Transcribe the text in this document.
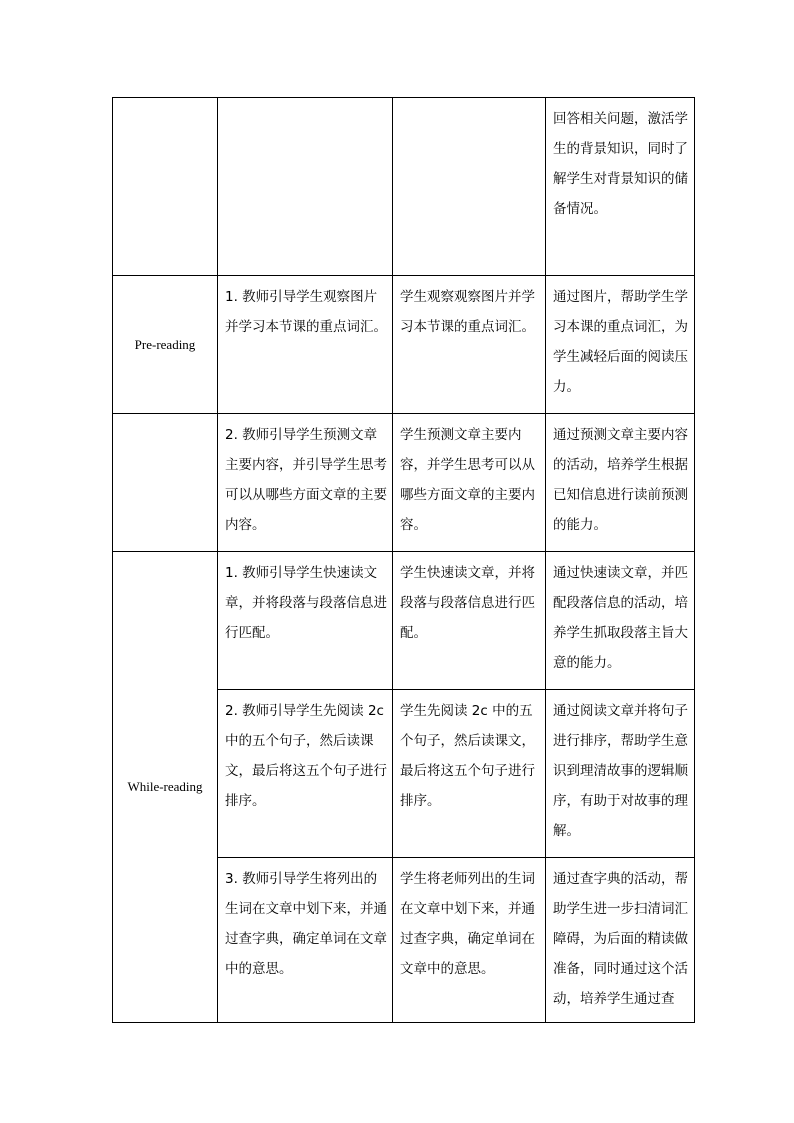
			回答相关问题，激活学生的背景知识，同时了解学生对背景知识的储备情况。

Pre-reading	1. 教师引导学生观察图片并学习本节课的重点词汇。	学生观察观察图片并学习本节课的重点词汇。	通过图片，帮助学生学习本课的重点词汇，为学生减轻后面的阅读压力。

	2. 教师引导学生预测文章主要内容，并引导学生思考可以从哪些方面文章的主要内容。	学生预测文章主要内容，并学生思考可以从哪些方面文章的主要内容。	通过预测文章主要内容的活动，培养学生根据已知信息进行读前预测的能力。

While-reading	1. 教师引导学生快速读文章，并将段落与段落信息进行匹配。	学生快速读文章，并将段落与段落信息进行匹配。	通过快速读文章，并匹配段落信息的活动，培养学生抓取段落主旨大意的能力。

	2. 教师引导学生先阅读 2c 中的五个句子，然后读课文，最后将这五个句子进行排序。	学生先阅读 2c 中的五个句子，然后读课文，最后将这五个句子进行排序。	通过阅读文章并将句子进行排序，帮助学生意识到理清故事的逻辑顺序，有助于对故事的理解。

	3. 教师引导学生将列出的生词在文章中划下来，并通过查字典，确定单词在文章中的意思。	学生将老师列出的生词在文章中划下来，并通过查字典，确定单词在文章中的意思。	通过查字典的活动，帮助学生进一步扫清词汇障碍，为后面的精读做准备，同时通过这个活动，培养学生通过查
